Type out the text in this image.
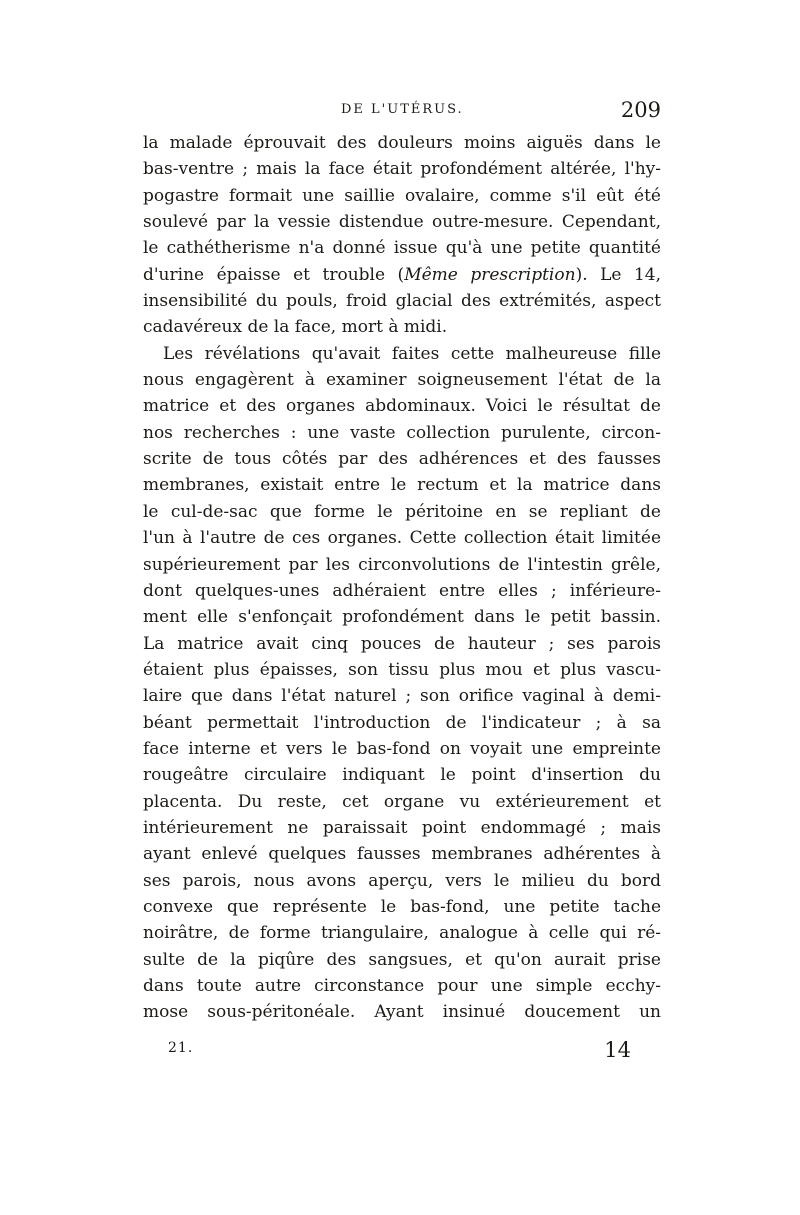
DE L'UTÉRUS.	209
la malade éprouvait des douleurs moins aiguës dans le
bas-ventre ; mais la face était profondément altérée, l'hy-
pogastre formait une saillie ovalaire, comme s'il eût été
soulevé par la vessie distendue outre-mesure. Cependant,
le cathétherisme n'a donné issue qu'à une petite quantité
d'urine épaisse et trouble (Même prescription). Le 14,
insensibilité du pouls, froid glacial des extrémités, aspect
cadavéreux de la face, mort à midi.
Les révélations qu'avait faites cette malheureuse fille
nous engagèrent à examiner soigneusement l'état de la
matrice et des organes abdominaux. Voici le résultat de
nos recherches : une vaste collection purulente, circon-
scrite de tous côtés par des adhérences et des fausses
membranes, existait entre le rectum et la matrice dans
le cul-de-sac que forme le péritoine en se repliant de
l'un à l'autre de ces organes. Cette collection était limitée
supérieurement par les circonvolutions de l'intestin grêle,
dont quelques-unes adhéraient entre elles ; inférieure-
ment elle s'enfonçait profondément dans le petit bassin.
La matrice avait cinq pouces de hauteur ; ses parois
étaient plus épaisses, son tissu plus mou et plus vascu-
laire que dans l'état naturel ; son orifice vaginal à demi-
béant permettait l'introduction de l'indicateur ; à sa
face interne et vers le bas-fond on voyait une empreinte
rougeâtre circulaire indiquant le point d'insertion du
placenta. Du reste, cet organe vu extérieurement et
intérieurement ne paraissait point endommagé ; mais
ayant enlevé quelques fausses membranes adhérentes à
ses parois, nous avons aperçu, vers le milieu du bord
convexe que représente le bas-fond, une petite tache
noirâtre, de forme triangulaire, analogue à celle qui ré-
sulte de la piqûre des sangsues, et qu'on aurait prise
dans toute autre circonstance pour une simple ecchy-
mose sous-péritonéale. Ayant insinué doucement un
21.	14
